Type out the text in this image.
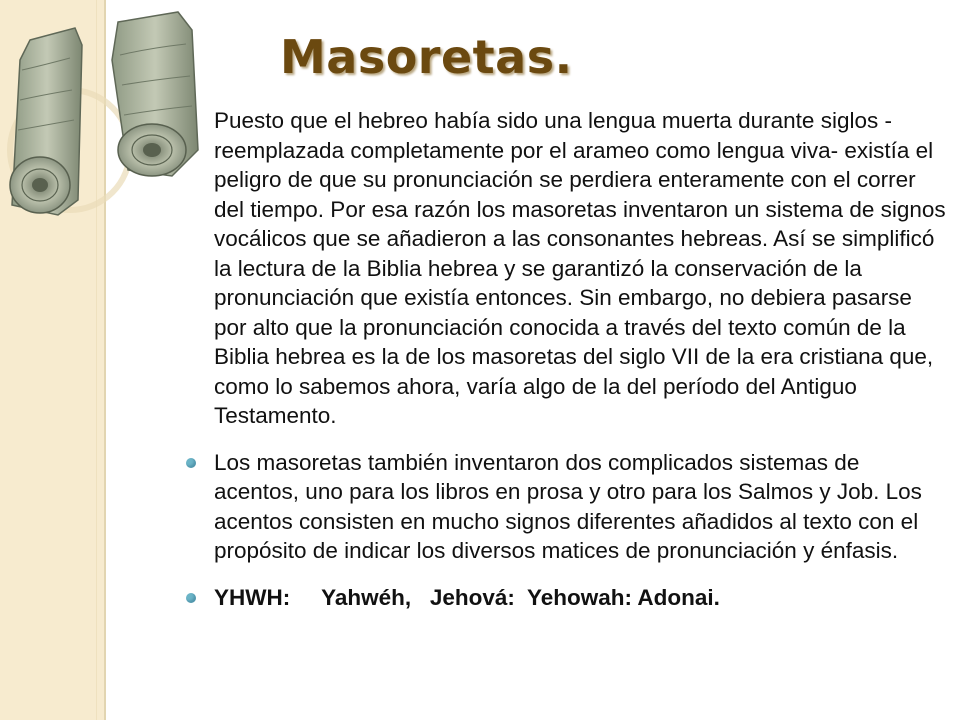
Masoretas.

Puesto que el hebreo había sido una lengua muerta durante siglos -reemplazada completamente por el arameo como lengua viva- existía el peligro de que su pronunciación se perdiera enteramente con el correr del tiempo. Por esa razón los masoretas inventaron un sistema de signos vocálicos que se añadieron a las consonantes hebreas. Así se simplificó la lectura de la Biblia hebrea y se garantizó la conservación de la pronunciación que existía entonces. Sin embargo, no debiera pasarse por alto que la pronunciación conocida a través del texto común de la Biblia hebrea es la de los masoretas del siglo VII de la era cristiana que, como lo sabemos ahora, varía algo de la del período del Antiguo Testamento.

Los masoretas también inventaron dos complicados sistemas de acentos, uno para los libros en prosa y otro para los Salmos y Job. Los acentos consisten en mucho signos diferentes añadidos al texto con el propósito de indicar los diversos matices de pronunciación y énfasis.

YHWH:     Yahwéh,   Jehová:  Yehowah: Adonai.
